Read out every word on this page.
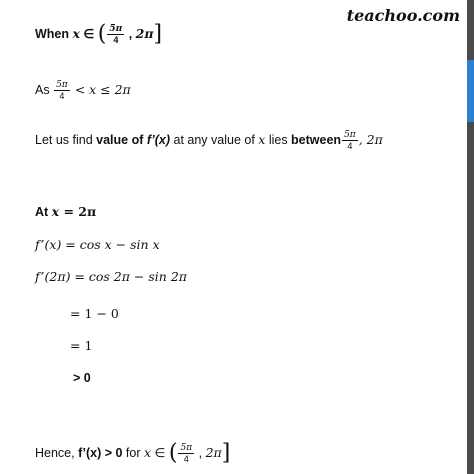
teachoo.com
When x ∈ ( $\frac{5\pi}{4}$ , 2π]
As $\frac{5\pi}{4} < x \le 2\pi$
Let us find value of f’(x) at any value of x lies between $\frac{5\pi}{4}$ , 2π
At x = 2π
f’(x) = cos x − sin x
f’(2π) = cos 2π − sin 2π
= 1 − 0
= 1
> 0
Hence, f’(x) > 0 for x ∈ ( $\frac{5\pi}{4}$ , 2π]
